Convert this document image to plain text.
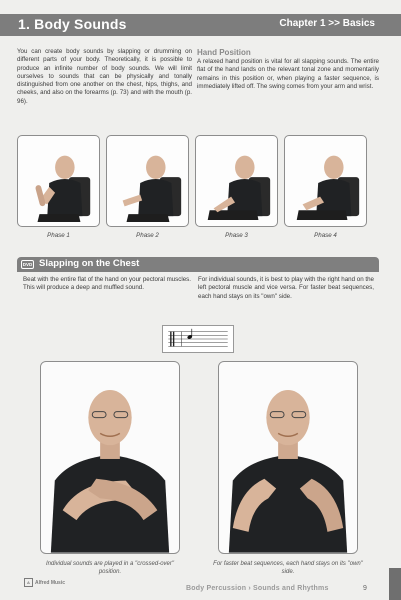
1. Body Sounds	Chapter 1 >> Basics
You can create body sounds by slapping or drumming on different parts of your body. Theoretically, it is possible to produce an infinite number of body sounds. We will limit ourselves to sounds that can be physically and tonally distinguished from one another on the chest, hips, thighs, and cheeks, and also on the forearms (p. 73) and with the mouth (p. 96).
Hand Position
A relaxed hand position is vital for all slapping sounds. The entire flat of the hand lands on the relevant tonal zone and momentarily remains in this position or, when playing a faster sequence, is immediately lifted off. The swing comes from your arm and wrist.
Phase 1	Phase 2	Phase 3	Phase 4
DVD Slapping on the Chest
Beat with the entire flat of the hand on your pectoral muscles. This will produce a deep and muffled sound.
For individual sounds, it is best to play with the right hand on the left pectoral muscle and vice versa. For faster beat sequences, each hand stays on its "own" side.
Individual sounds are played in a "crossed-over" position.
For faster beat sequences, each hand stays on its "own" side.
A Alfred Music
Body Percussion › Sounds and Rhythms	9
